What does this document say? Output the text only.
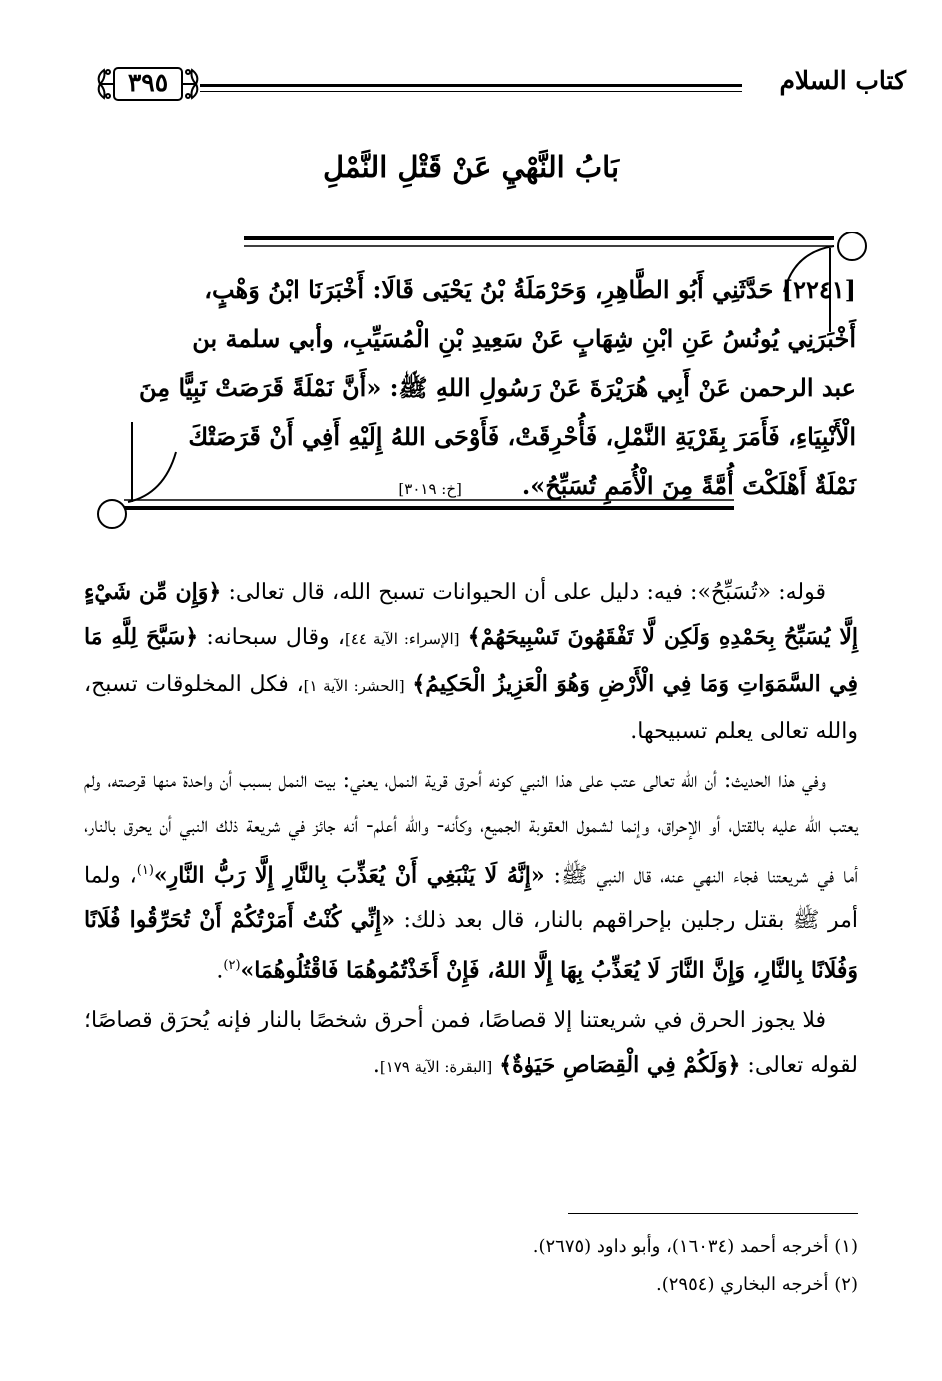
كتاب السلام
٣٩٥
بَابُ النَّهْيِ عَنْ قَتْلِ النَّمْلِ

[٢٢٤١] حَدَّثَنِي أَبُو الطَّاهِرِ، وَحَرْمَلَةُ بْنُ يَحْيَى قَالَا: أَخْبَرَنَا ابْنُ وَهْبٍ،

أَخْبَرَنِي يُونُسُ عَنِ ابْنِ شِهَابٍ عَنْ سَعِيدِ بْنِ الْمُسَيِّبِ، وأبي سلمة بن

عبد الرحمن عَنْ أَبِي هُرَيْرَةَ عَنْ رَسُولِ اللهِ ﷺ: «أَنَّ نَمْلَةً قَرَصَتْ نَبِيًّا مِنَ

الْأَنْبِيَاءِ، فَأَمَرَ بِقَرْيَةِ النَّمْلِ، فَأُحْرِقَتْ، فَأَوْحَى اللهُ إِلَيْهِ أَفِي أَنْ قَرَصَتْكَ

نَمْلَةٌ أَهْلَكْتَ أُمَّةً مِنَ الْأُمَمِ تُسَبِّحُ».[خ: ٣٠١٩]

قوله: «تُسَبِّحُ»: فيه: دليل على أن الحيوانات تسبح الله، قال تعالى: ﴿وَإِن مِّن شَيْءٍ إِلَّا يُسَبِّحُ بِحَمْدِهِ وَلَكِن لَّا تَفْقَهُونَ تَسْبِيحَهُمْ﴾ [الإسراء: الآية ٤٤]، وقال سبحانه: ﴿سَبَّحَ لِلَّهِ مَا فِي السَّمَوَاتِ وَمَا فِي الْأَرْضِ وَهُوَ الْعَزِيزُ الْحَكِيمُ﴾ [الحشر: الآية ١]، فكل المخلوقات تسبح، والله تعالى يعلم تسبيحها.

وفي هذا الحديث: أن الله تعالى عتب على هذا النبي كونه أحرق قرية النمل، يعني: بيت النمل بسبب أن واحدة منها قرصته، ولم يعتب الله عليه بالقتل، أو الإحراق، وإنما لشمول العقوبة الجميع، وكأنه- والله أعلم- أنه جائز في شريعة ذلك النبي أن يحرق بالنار، أما في شريعتنا فجاء النهي عنه، قال النبي ﷺ: «إِنَّهُ لَا يَنْبَغِي أَنْ يُعَذِّبَ بِالنَّارِ إِلَّا رَبُّ النَّارِ»$^{(١)}$، ولما أمر ﷺ بقتل رجلين بإحراقهم بالنار، قال بعد ذلك: «إِنِّي كُنْتُ أَمَرْتُكُمْ أَنْ تُحَرِّقُوا فُلَانًا وَفُلَانًا بِالنَّارِ، وَإِنَّ النَّارَ لَا يُعَذِّبُ بِهَا إِلَّا اللهُ، فَإِنْ أَخَذْتُمُوهُمَا فَاقْتُلُوهُمَا»$^{(٢)}$.

فلا يجوز الحرق في شريعتنا إلا قصاصًا، فمن أحرق شخصًا بالنار فإنه يُحرَق قصاصًا؛ لقوله تعالى: ﴿وَلَكُمْ فِي الْقِصَاصِ حَيَوٰةٌ﴾ [البقرة: الآية ١٧٩].

(١) أخرجه أحمد (١٦٠٣٤)، وأبو داود (٢٦٧٥).
(٢) أخرجه البخاري (٢٩٥٤).
